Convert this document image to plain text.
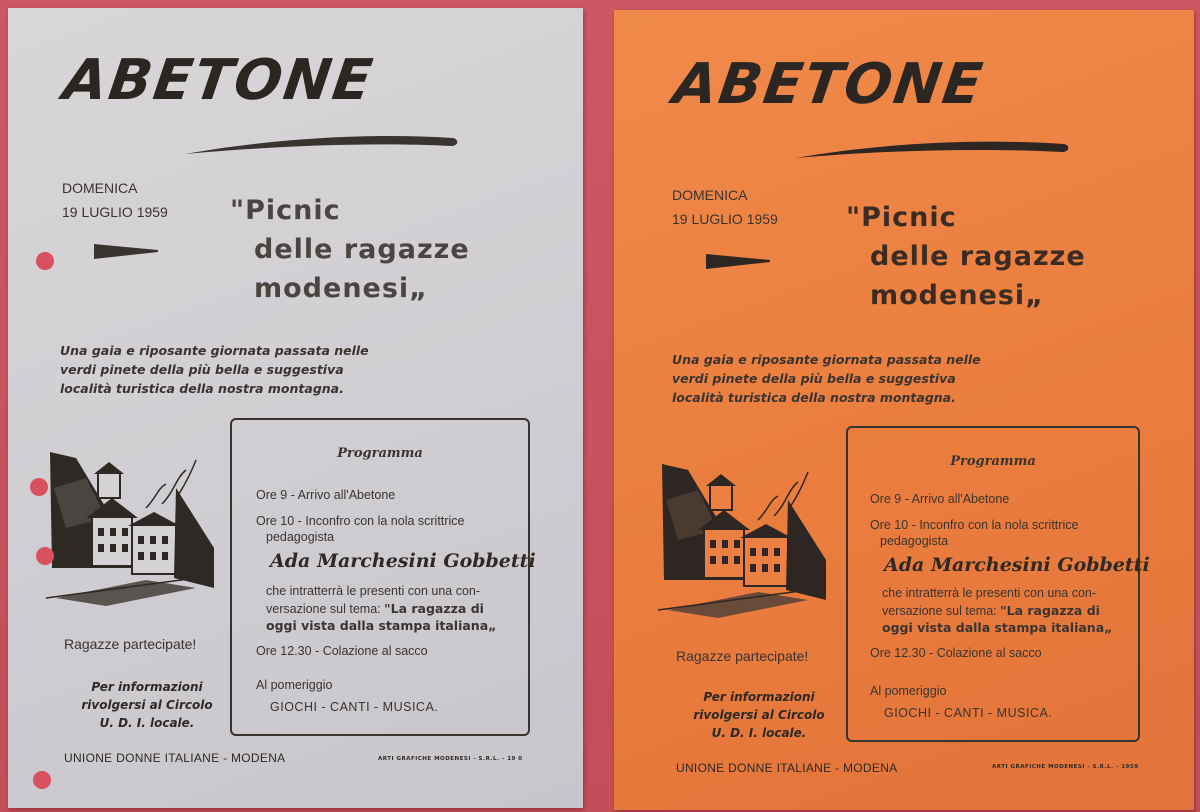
ABETONE
DOMENICA
19 LUGLIO 1959 "Picnic
delle ragazze
modenesi„
Una gaia e riposante giornata passata nelle
verdi pinete della più bella e suggestiva
località turistica della nostra montagna.
Programma
Ore 9 - Arrivo all'Abetone
Ore 10 - Inconfro con la nola scrittrice
pedagogista
Ada Marchesini Gobbetti
che intratterrà le presenti con una con-
versazione sul tema: "La ragazza di
oggi vista dalla stampa italiana„
Ore 12.30 - Colazione al sacco
Al pomeriggio
GIOCHI - CANTI - MUSICA.
Ragazze partecipate!
Per informazioni
rivolgersi al Circolo
U. D. I. locale.
UNIONE DONNE ITALIANE - MODENA	ARTI GRAFICHE MODENESI - S.R.L. - 19 0
ABETONE
DOMENICA
19 LUGLIO 1959	"Picnic
delle ragazze
modenesi„
Una gaia e riposante giornata passata nelle
verdi pinete della più bella e suggestiva
località turistica della nostra montagna.
Programma
Ore 9 - Arrivo all'Abetone
Ore 10 - Inconfro con la nola scrittrice
pedagogista
Ada Marchesini Gobbetti
che intratterrà le presenti con una con-
versazione sul tema: "La ragazza di
oggi vista dalla stampa italiana„
Ore 12.30 - Colazione al sacco
Al pomeriggio
GIOCHI - CANTI - MUSICA.
Ragazze partecipate!
Per informazioni
rivolgersi al Circolo
U. D. I. locale.
UNIONE DONNE ITALIANE - MODENA	ARTI GRAFICHE MODENESI - S.R.L. - 1959
